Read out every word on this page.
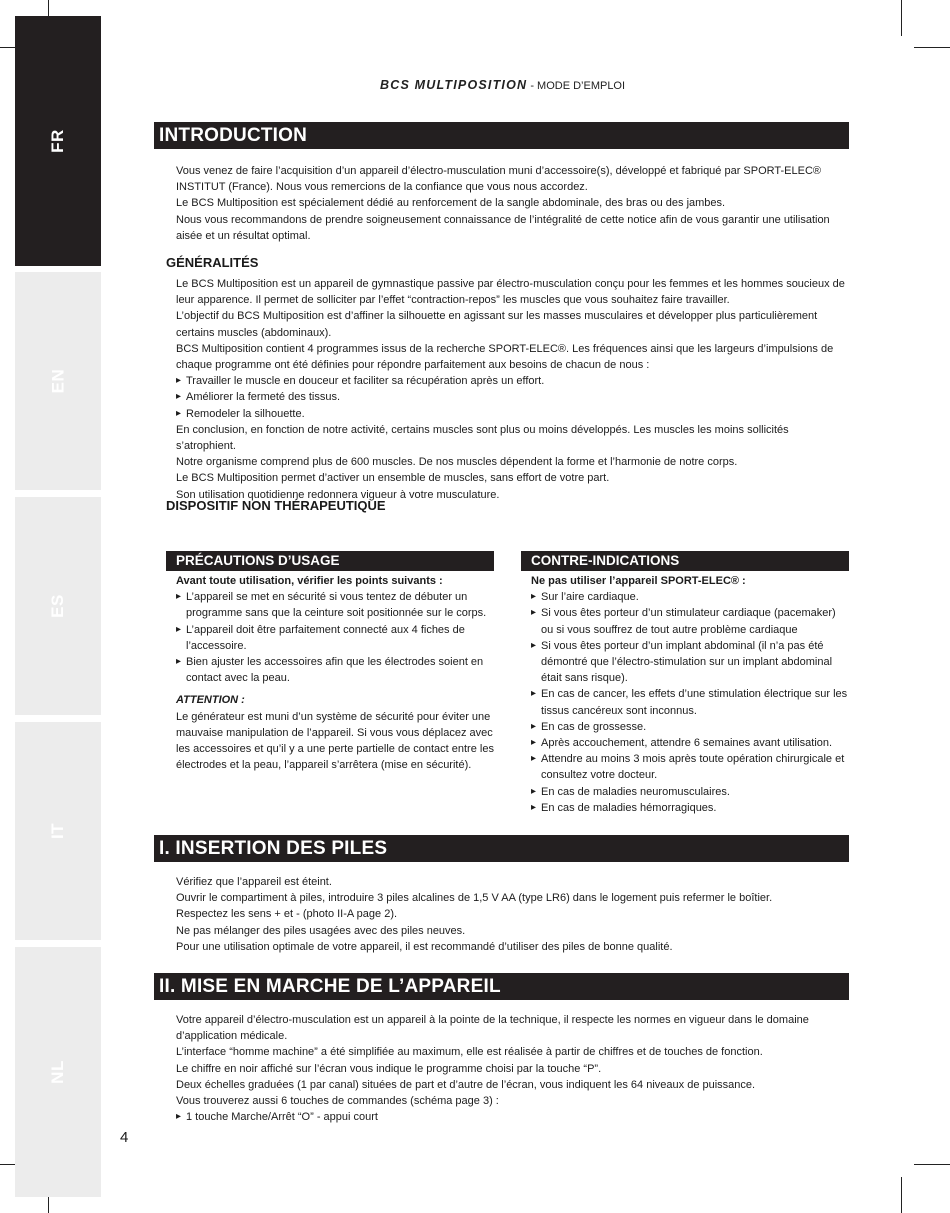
FR
EN
ES
IT
NL
BCS MULTIPOSITION - MODE D’EMPLOI
INTRODUCTION

Vous venez de faire l’acquisition d’un appareil d’électro-musculation muni d’accessoire(s), développé et fabriqué par SPORT-ELEC® INSTITUT (France). Nous vous remercions de la confiance que vous nous accordez.

Le BCS Multiposition est spécialement dédié au renforcement de la sangle abdominale, des bras ou des jambes.

Nous vous recommandons de prendre soigneusement connaissance de l’intégralité de cette notice afin de vous garantir une utilisation aisée et un résultat optimal.

GÉNÉRALITÉS

Le BCS Multiposition est un appareil de gymnastique passive par électro-musculation conçu pour les femmes et les hommes soucieux de leur apparence. Il permet de solliciter par l’effet “contraction-repos” les muscles que vous souhaitez faire travailler.

L’objectif du BCS Multiposition est d’affiner la silhouette en agissant sur les masses musculaires et développer plus particulièrement certains muscles (abdominaux).

BCS Multiposition contient 4 programmes issus de la recherche SPORT-ELEC®. Les fréquences ainsi que les largeurs d’impulsions de chaque programme ont été définies pour répondre parfaitement aux besoins de chacun de nous :

▸ Travailler le muscle en douceur et faciliter sa récupération après un effort.
▸ Améliorer la fermeté des tissus.
▸ Remodeler la silhouette.

En conclusion, en fonction de notre activité, certains muscles sont plus ou moins développés. Les muscles les moins sollicités s’atrophient.

Notre organisme comprend plus de 600 muscles. De nos muscles dépendent la forme et l’harmonie de notre corps.

Le BCS Multiposition permet d’activer un ensemble de muscles, sans effort de votre part.

Son utilisation quotidienne redonnera vigueur à votre musculature.

DISPOSITIF NON THÉRAPEUTIQUE
PRÉCAUTIONS D’USAGE
Avant toute utilisation, vérifier les points suivants :
▸ L’appareil se met en sécurité si vous tentez de débuter un programme sans que la ceinture soit positionnée sur le corps.
▸ L’appareil doit être parfaitement connecté aux 4 fiches de l’accessoire.
▸ Bien ajuster les accessoires afin que les électrodes soient en contact avec la peau.
ATTENTION :
Le générateur est muni d’un système de sécurité pour éviter une mauvaise manipulation de l’appareil. Si vous vous déplacez avec les accessoires et qu’il y a une perte partielle de contact entre les électrodes et la peau, l’appareil s’arrêtera (mise en sécurité).
CONTRE-INDICATIONS
Ne pas utiliser l’appareil SPORT-ELEC® :
▸ Sur l’aire cardiaque.
▸ Si vous êtes porteur d’un stimulateur cardiaque (pacemaker) ou si vous souffrez de tout autre problème cardiaque
▸ Si vous êtes porteur d’un implant abdominal (il n’a pas été démontré que l’électro-stimulation sur un implant abdominal était sans risque).
▸ En cas de cancer, les effets d’une stimulation électrique sur les tissus cancéreux sont inconnus.
▸ En cas de grossesse.
▸ Après accouchement, attendre 6 semaines avant utilisation.
▸ Attendre au moins 3 mois après toute opération chirurgicale et consultez votre docteur.
▸ En cas de maladies neuromusculaires.
▸ En cas de maladies hémorragiques.
I. INSERTION DES PILES

Vérifiez que l’appareil est éteint.

Ouvrir le compartiment à piles, introduire 3 piles alcalines de 1,5 V AA (type LR6) dans le logement puis refermer le boîtier.

Respectez les sens + et - (photo II-A page 2).

Ne pas mélanger des piles usagées avec des piles neuves.

Pour une utilisation optimale de votre appareil, il est recommandé d’utiliser des piles de bonne qualité.

II. MISE EN MARCHE DE L’APPAREIL

Votre appareil d’électro-musculation est un appareil à la pointe de la technique, il respecte les normes en vigueur dans le domaine d’application médicale.

L’interface “homme machine” a été simplifiée au maximum, elle est réalisée à partir de chiffres et de touches de fonction.

Le chiffre en noir affiché sur l’écran vous indique le programme choisi par la touche “P”.

Deux échelles graduées (1 par canal) situées de part et d’autre de l’écran, vous indiquent les 64 niveaux de puissance.

Vous trouverez aussi 6 touches de commandes (schéma page 3) :

▸ 1 touche Marche/Arrêt “O” - appui court
4
